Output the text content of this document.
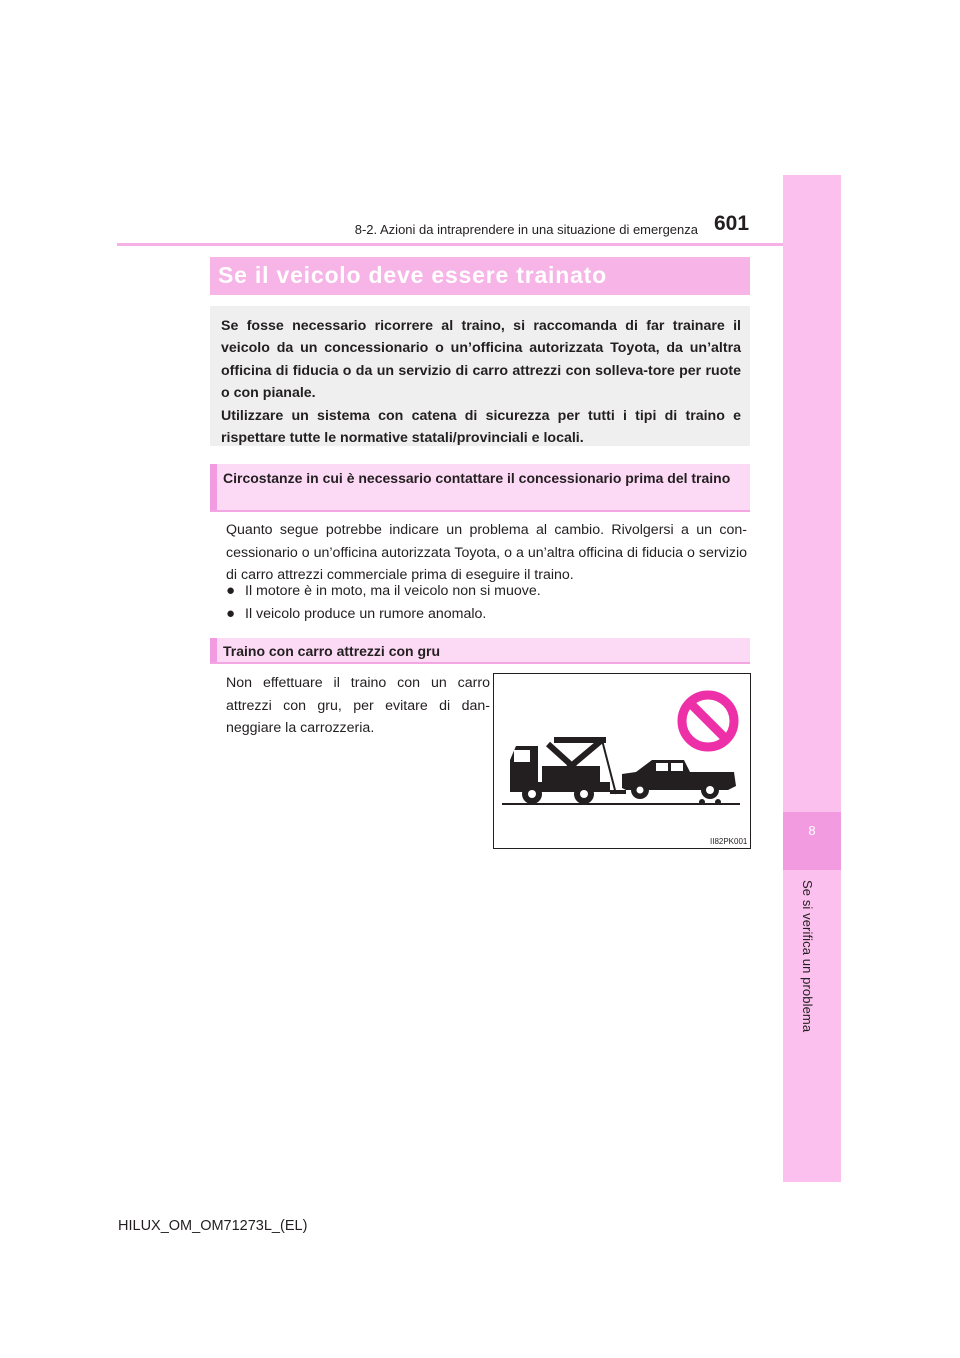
8
Se si verifica un problema
8-2. Azioni da intraprendere in una situazione di emergenza 601
Se il veicolo deve essere trainato

Se fosse necessario ricorrere al traino, si raccomanda di far trainare il veicolo da un concessionario o un’officina autorizzata Toyota, da un’altra officina di fiducia o da un servizio di carro attrezzi con solleva-tore per ruote o con pianale.

Utilizzare un sistema con catena di sicurezza per tutti i tipi di traino e rispettare tutte le normative statali/provinciali e locali.

Circostanze in cui è necessario contattare il concessionario prima del traino
Quanto segue potrebbe indicare un problema al cambio. Rivolgersi a un con-cessionario o un’officina autorizzata Toyota, o a un’altra officina di fiducia o servizio di carro attrezzi commerciale prima di eseguire il traino.
● Il motore è in moto, ma il veicolo non si muove.
● Il veicolo produce un rumore anomalo.
Traino con carro attrezzi con gru
Non effettuare il traino con un carro attrezzi con gru, per evitare di dan-neggiare la carrozzeria.
II82PK001
HILUX_OM_OM71273L_(EL)
